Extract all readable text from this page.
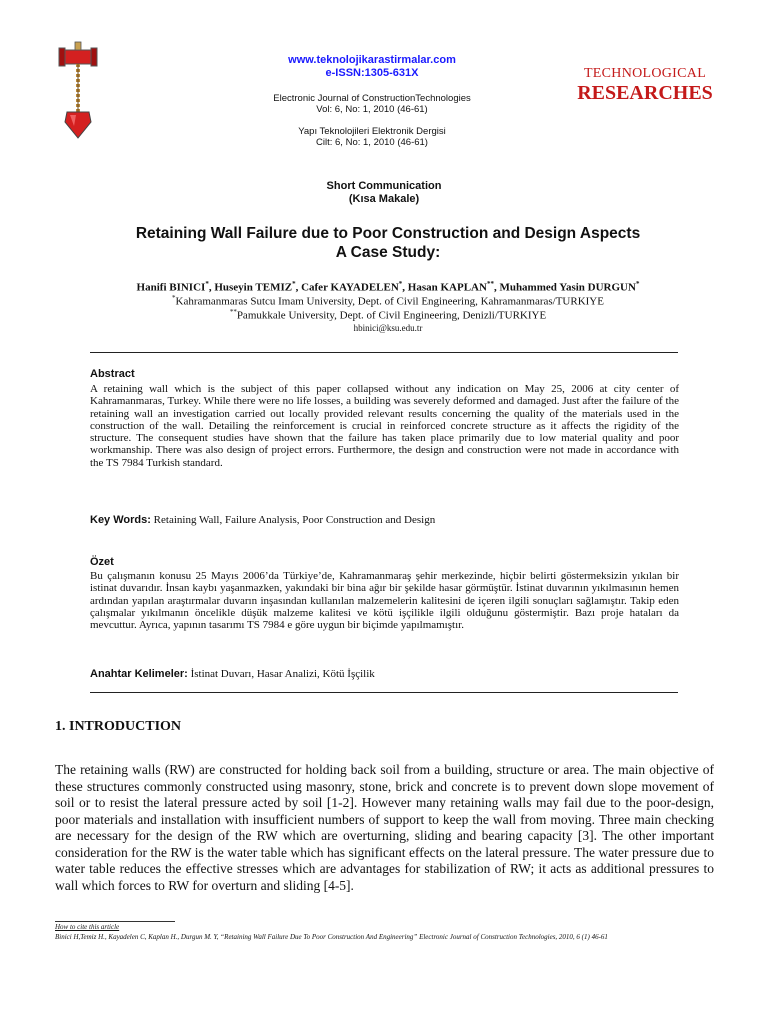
www.teknolojikarastirmalar.com
e-ISSN:1305-631X
Electronic Journal of ConstructionTechnologies
Vol: 6, No: 1, 2010 (46-61)
Yapı Teknolojileri Elektronik Dergisi
Cilt: 6, No: 1, 2010 (46-61)
TECHNOLOGICAL
RESEARCHES
Short Communication
(Kısa Makale)
Retaining Wall Failure due to Poor Construction and Design Aspects
A Case Study:
Hanifi BINICI*, Huseyin TEMIZ*, Cafer KAYADELEN*, Hasan KAPLAN**, Muhammed Yasin DURGUN*
*Kahramanmaras Sutcu Imam University, Dept. of Civil Engineering, Kahramanmaras/TURKIYE
**Pamukkale University, Dept. of Civil Engineering, Denizli/TURKIYE
hbinici@ksu.edu.tr
Abstract
A retaining wall which is the subject of this paper collapsed without any indication on May 25, 2006 at city center of Kahramanmaras, Turkey. While there were no life losses, a building was severely deformed and damaged. Just after the failure of the retaining wall an investigation carried out locally provided relevant results concerning the quality of the materials used in the construction of the wall. Detailing the reinforcement is crucial in reinforced concrete structure as it affects the rigidity of the structure. The consequent studies have shown that the failure has taken place primarily due to low material quality and poor workmanship. There was also design of project errors. Furthermore, the design and construction were not made in accordance with the TS 7984 Turkish standard.
Key Words: Retaining Wall, Failure Analysis, Poor Construction and Design
Özet
Bu çalışmanın konusu 25 Mayıs 2006’da Türkiye’de, Kahramanmaraş şehir merkezinde, hiçbir belirti göstermeksizin yıkılan bir istinat duvarıdır. İnsan kaybı yaşanmazken, yakındaki bir bina ağır bir şekilde hasar görmüştür. İstinat duvarının yıkılmasının hemen ardından yapılan araştırmalar duvarın inşasından kullanılan malzemelerin kalitesini de içeren ilgili sonuçları sağlamıştır. Takip eden çalışmalar yıkılmanın öncelikle düşük malzeme kalitesi ve kötü işçilikle ilgili olduğunu göstermiştir. Bazı proje hataları da mevcuttur. Ayrıca, yapının tasarımı TS 7984 e göre uygun bir biçimde yapılmamıştır.
Anahtar Kelimeler: İstinat Duvarı, Hasar Analizi, Kötü İşçilik
1. INTRODUCTION
The retaining walls (RW) are constructed for holding back soil from a building, structure or area. The main objective of these structures commonly constructed using masonry, stone, brick and concrete is to prevent down slope movement of soil or to resist the lateral pressure acted by soil [1-2]. However many retaining walls may fail due to the poor-design, poor materials and installation with insufficient numbers of support to keep the wall from moving. Three main checking are necessary for the design of the RW which are overturning, sliding and bearing capacity [3]. The other important consideration for the RW is the water table which has significant effects on the lateral pressure. The water pressure due to water table reduces the effective stresses which are advantages for stabilization of RW; it acts as additional pressures to wall which forces to RW for overturn and sliding [4-5].
How to cite this article
Binici H,Temiz H., Kayadelen C, Kaplan H., Durgun M. Y, “Retaining Wall Failure Due To Poor Construction And Engineering” Electronic Journal of Construction Technologies, 2010, 6 (1) 46-61
